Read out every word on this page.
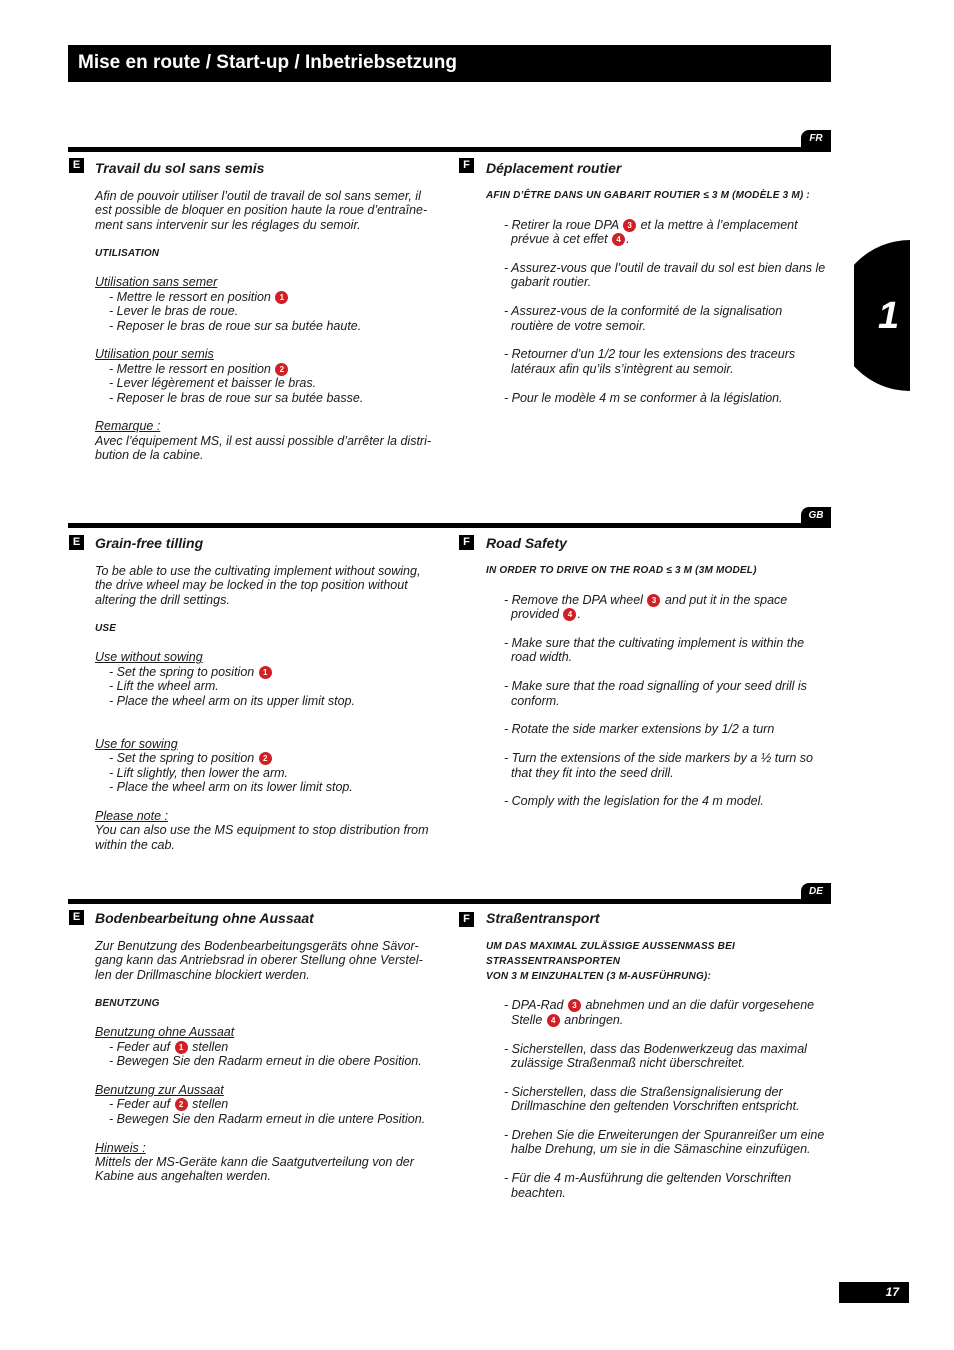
Mise en route / Start-up / Inbetriebsetzung
1
FR
E Travail du sol sans semis

Afin de pouvoir utiliser l’outil de travail de sol sans semer, il

est possible de bloquer en position haute la roue d’entraîne-

ment sans intervenir sur les réglages du semoir.

UTILISATION

Utilisation sans semer

- Mettre le ressort en position 1

- Lever le bras de roue.

- Reposer le bras de roue sur sa butée haute.

Utilisation pour semis

- Mettre le ressort en position 2

- Lever légèrement et baisser le bras.

- Reposer le bras de roue sur sa butée basse.

Remarque :

Avec l’équipement MS, il est aussi possible d’arrêter la distri-

bution de la cabine.

F Déplacement routier

AFIN D’ÊTRE DANS UN GABARIT ROUTIER ≤ 3 M (MODÈLE 3 M) :

- Retirer la roue DPA 3 et la mettre à l’emplacement

prévue à cet effet 4 .

- Assurez-vous que l’outil de travail du sol est bien dans le

gabarit routier.

- Assurez-vous de la conformité de la signalisation

routière de votre semoir.

- Retourner d’un 1/2 tour les extensions des traceurs

latéraux afin qu’ils s’intègrent au semoir.

- Pour le modèle 4 m se conformer à la législation.

GB
E Grain-free tilling

To be able to use the cultivating implement without sowing,

the drive wheel may be locked in the top position without

altering the drill settings.

USE

Use without sowing

- Set the spring to position 1

- Lift the wheel arm.

- Place the wheel arm on its upper limit stop.

Use for sowing

- Set the spring to position 2

- Lift slightly, then lower the arm.

- Place the wheel arm on its lower limit stop.

Please note :

You can also use the MS equipment to stop distribution from

within the cab.

F Road Safety

IN ORDER TO DRIVE ON THE ROAD ≤ 3 M (3M MODEL)

- Remove the DPA wheel 3 and put it in the space

provided 4 .

- Make sure that the cultivating implement is within the

road width.

- Make sure that the road signalling of your seed drill is

conform.

- Rotate the side marker extensions by 1/2 a turn

- Turn the extensions of the side markers by a ½ turn so

that they fit into the seed drill.

- Comply with the legislation for the 4 m model.

DE
E Bodenbearbeitung ohne Aussaat

Zur Benutzung des Bodenbearbeitungsgeräts ohne Sävor-

gang kann das Antriebsrad in oberer Stellung ohne Verstel-

len der Drillmaschine blockiert werden.

BENUTZUNG

Benutzung ohne Aussaat

- Feder auf 1 stellen

- Bewegen Sie den Radarm erneut in die obere Position.

Benutzung zur Aussaat

- Feder auf 2 stellen

- Bewegen Sie den Radarm erneut in die untere Position.

Hinweis :

Mittels der MS-Geräte kann die Saatgutverteilung von der

Kabine aus angehalten werden.

F Straßentransport

UM DAS MAXIMAL ZULÄSSIGE AUSSENMASS BEI STRASSENTRANSPORTEN

VON 3 M EINZUHALTEN (3 M-AUSFÜHRUNG):

- DPA-Rad 3 abnehmen und an die dafür vorgesehene

Stelle 4 anbringen.

- Sicherstellen, dass das Bodenwerkzeug das maximal

zulässige Straßenmaß nicht überschreitet.

- Sicherstellen, dass die Straßensignalisierung der

Drillmaschine den geltenden Vorschriften entspricht.

- Drehen Sie die Erweiterungen der Spuranreißer um eine

halbe Drehung, um sie in die Sämaschine einzufügen.

- Für die 4 m-Ausführung die geltenden Vorschriften

beachten.

17
